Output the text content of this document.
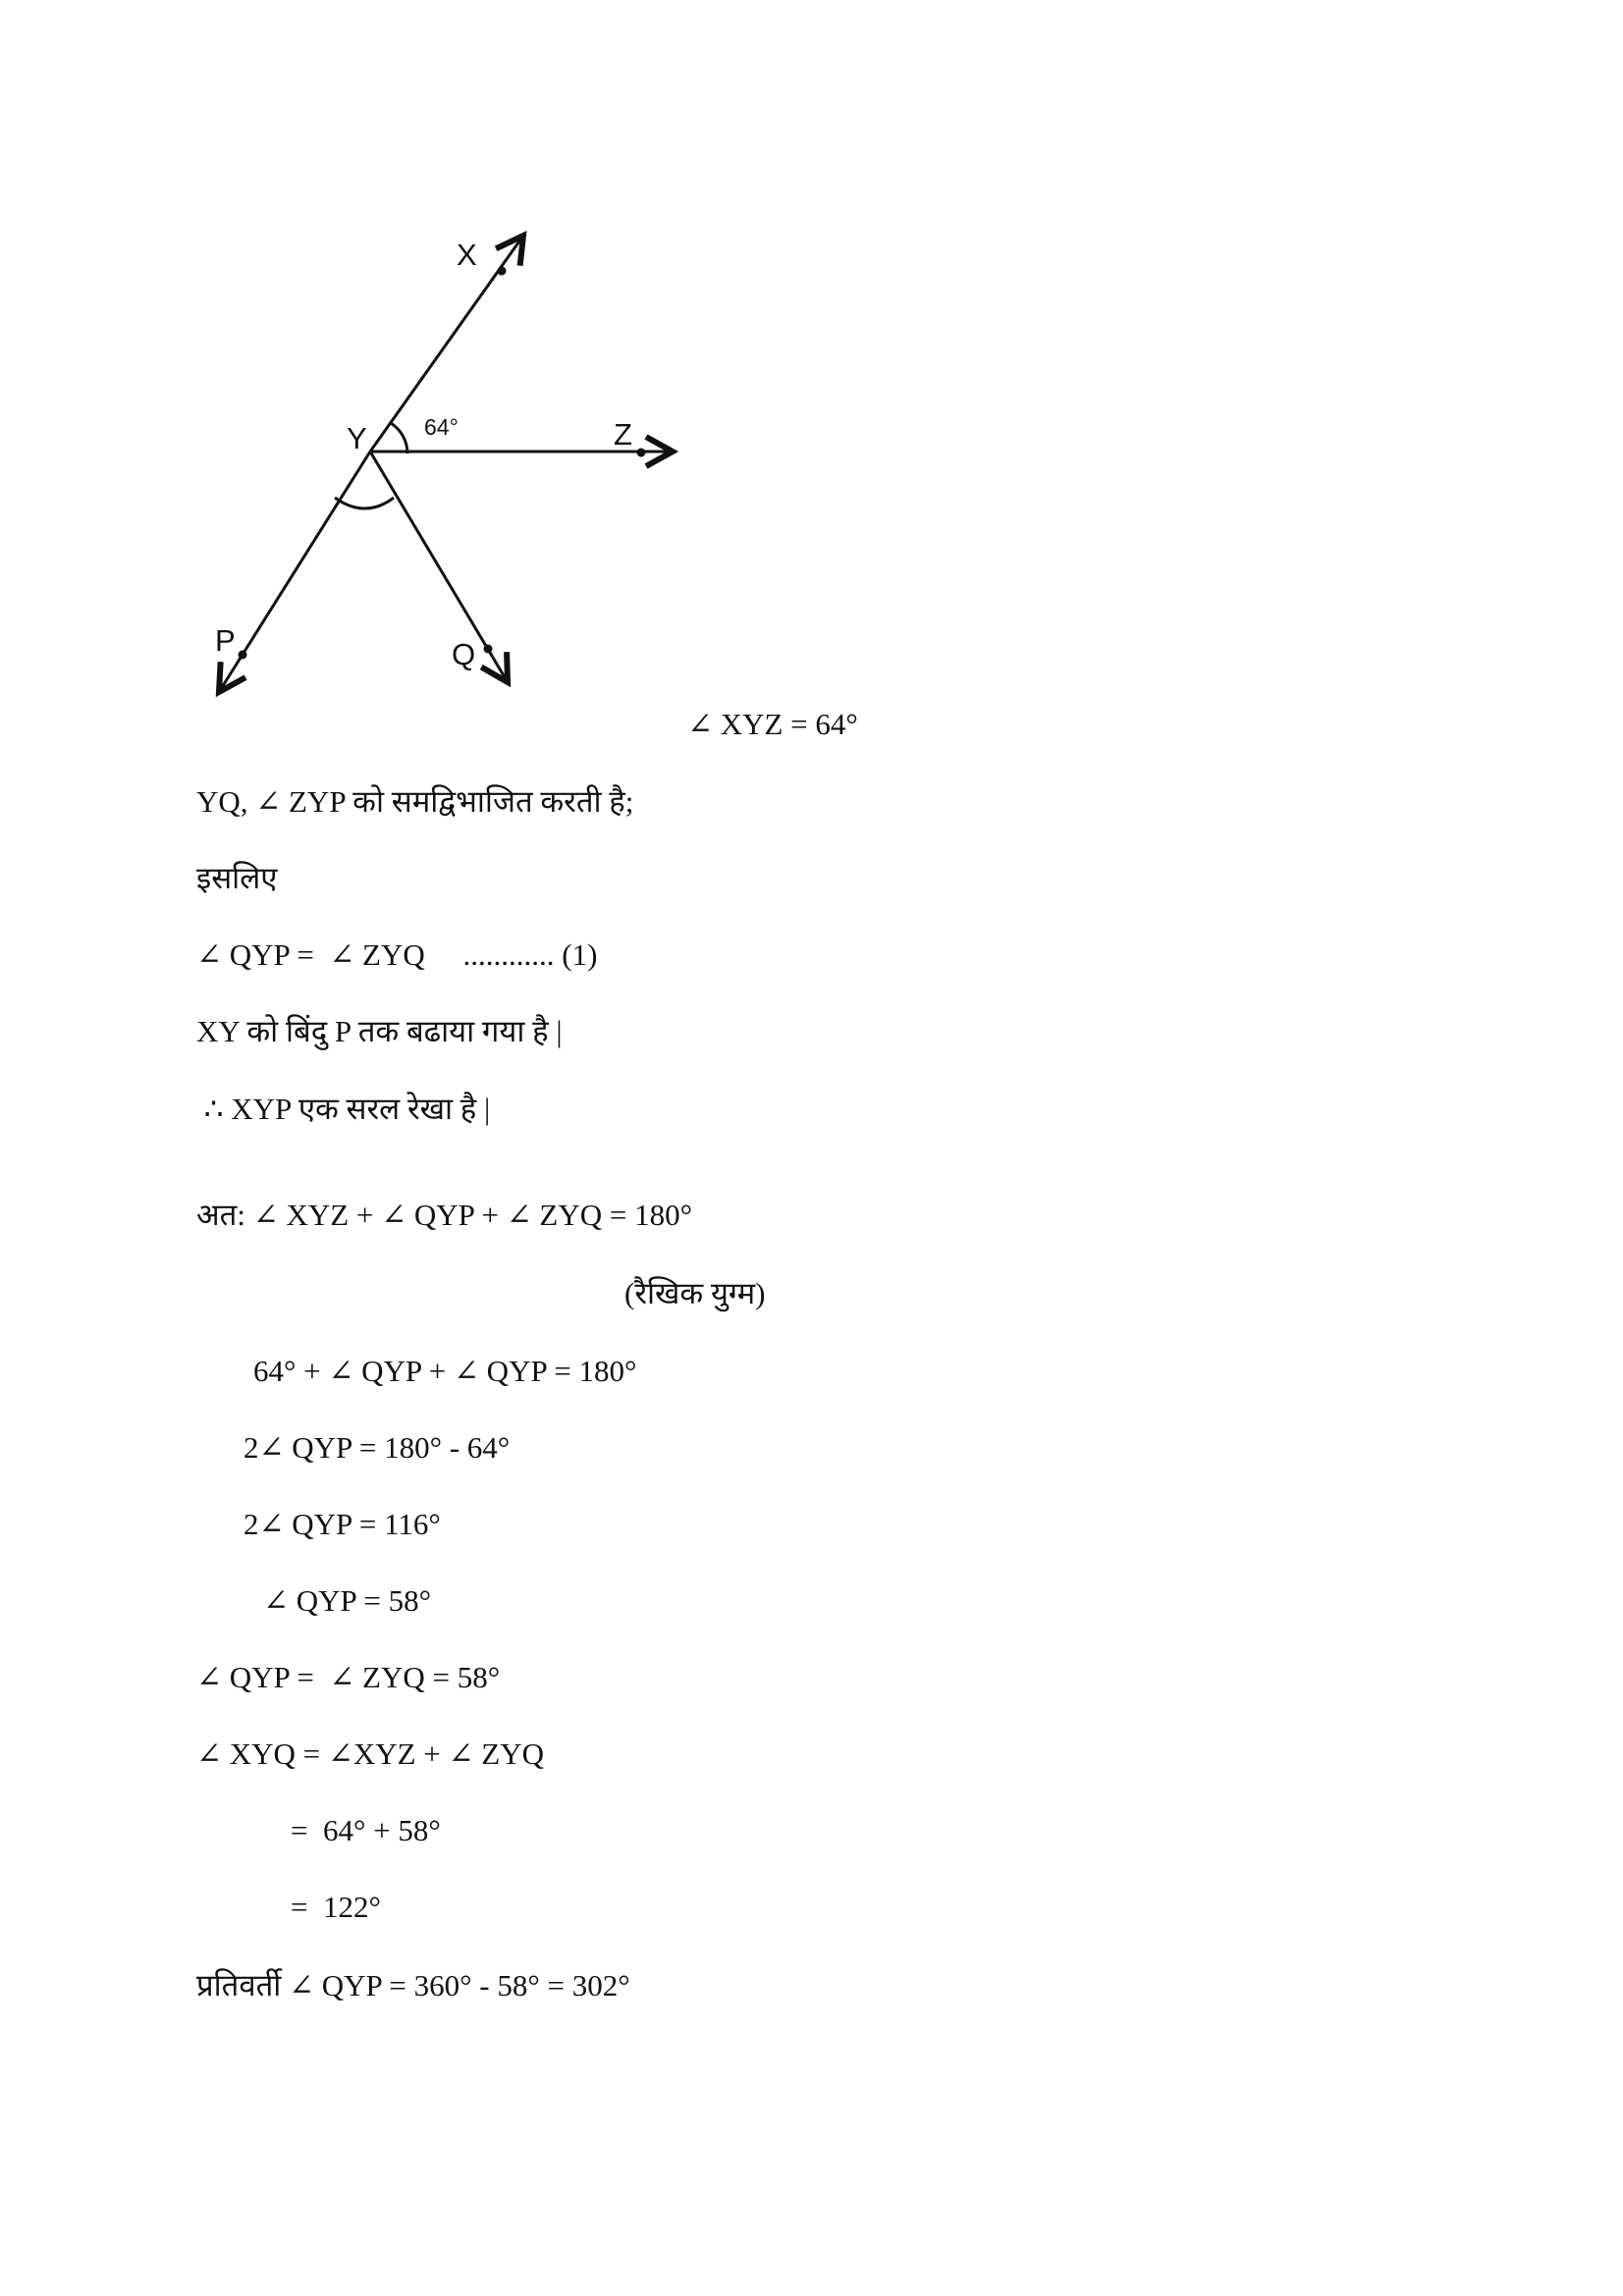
X
Y	Z
P	Q
64°
∠ XYZ = 64°
YQ, ∠ ZYP को समद्विभाजित करती है;
इसलिए
∠ QYP =  ∠ ZYQ     ............ (1)
XY को बिंदु P तक बढाया गया है |
∴ XYP एक सरल रेखा है |
अत: ∠ XYZ + ∠ QYP + ∠ ZYQ = 180°
(रैखिक युग्म)
64° + ∠ QYP + ∠ QYP = 180°
2∠ QYP = 180° - 64°
2∠ QYP = 116°
∠ QYP = 58°
∠ QYP =  ∠ ZYQ = 58°
∠ XYQ = ∠XYZ + ∠ ZYQ
=  64° + 58°
=  122°
प्रतिवर्ती ∠ QYP = 360° - 58° = 302°
